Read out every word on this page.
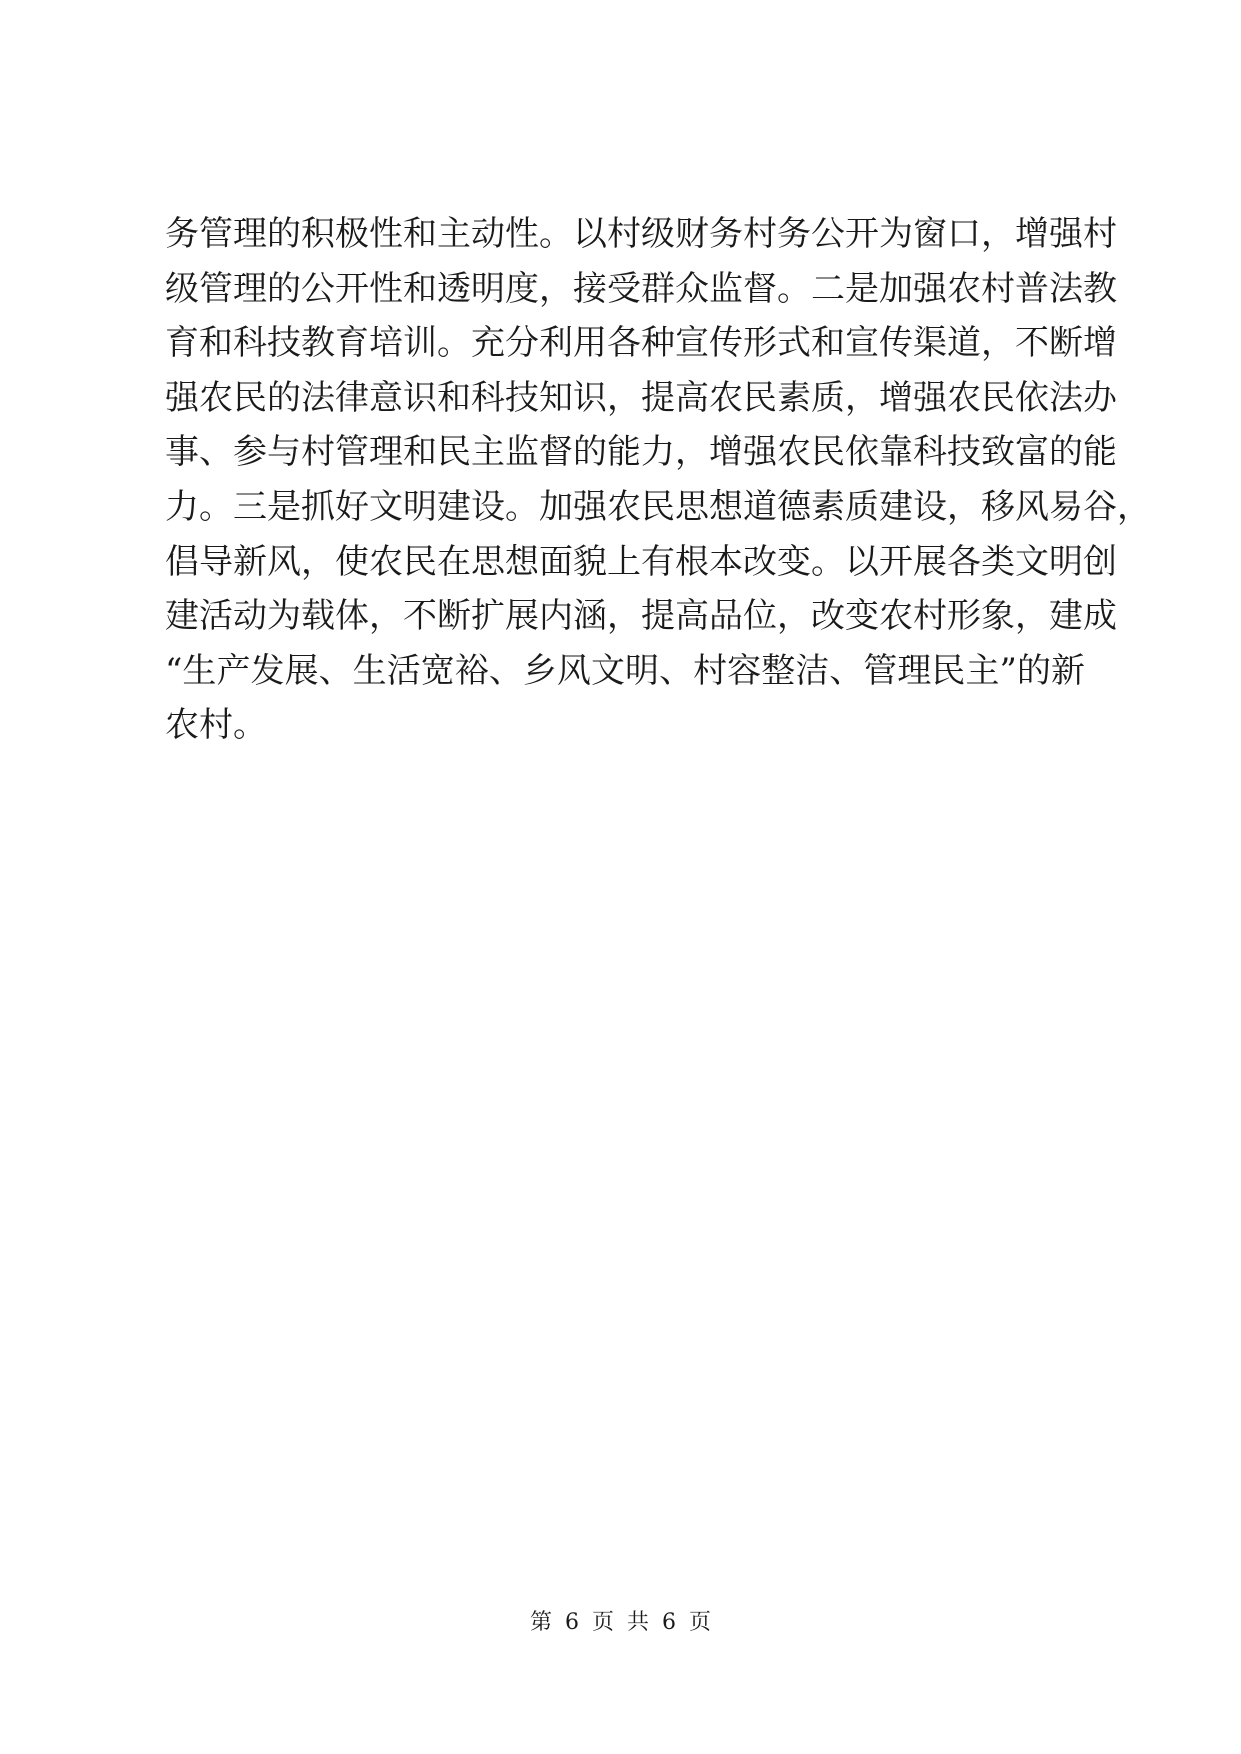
务管理的积极性和主动性。以村级财务村务公开为窗口，增强村
级管理的公开性和透明度，接受群众监督。二是加强农村普法教
育和科技教育培训。充分利用各种宣传形式和宣传渠道，不断增
强农民的法律意识和科技知识，提高农民素质，增强农民依法办
事、参与村管理和民主监督的能力，增强农民依靠科技致富的能
力。三是抓好文明建设。加强农民思想道德素质建设，移风易谷，
倡导新风，使农民在思想面貌上有根本改变。以开展各类文明创
建活动为载体，不断扩展内涵，提高品位，改变农村形象，建成
“生产发展、生活宽裕、乡风文明、村容整洁、管理民主”的新
农村。
第 6 页 共 6 页
